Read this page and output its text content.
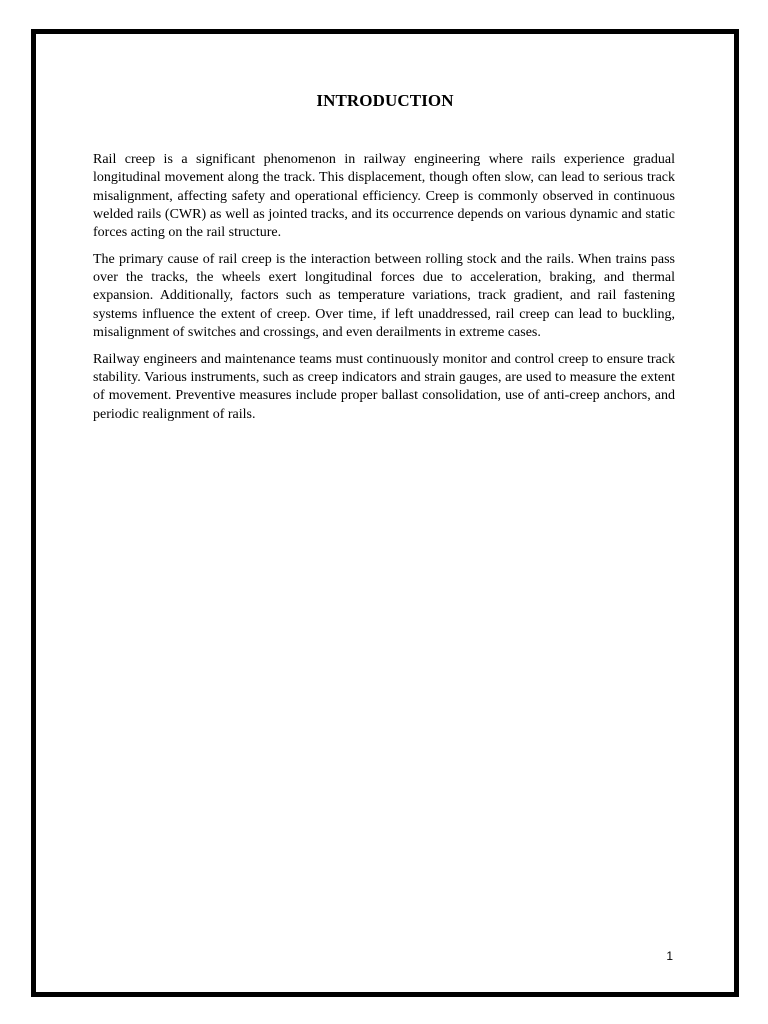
INTRODUCTION

Rail creep is a significant phenomenon in railway engineering where rails experience gradual longitudinal movement along the track. This displacement, though often slow, can lead to serious track misalignment, affecting safety and operational efficiency. Creep is commonly observed in continuous welded rails (CWR) as well as jointed tracks, and its occurrence depends on various dynamic and static forces acting on the rail structure.

The primary cause of rail creep is the interaction between rolling stock and the rails. When trains pass over the tracks, the wheels exert longitudinal forces due to acceleration, braking, and thermal expansion. Additionally, factors such as temperature variations, track gradient, and rail fastening systems influence the extent of creep. Over time, if left unaddressed, rail creep can lead to buckling, misalignment of switches and crossings, and even derailments in extreme cases.

Railway engineers and maintenance teams must continuously monitor and control creep to ensure track stability. Various instruments, such as creep indicators and strain gauges, are used to measure the extent of movement. Preventive measures include proper ballast consolidation, use of anti-creep anchors, and periodic realignment of rails.

1
